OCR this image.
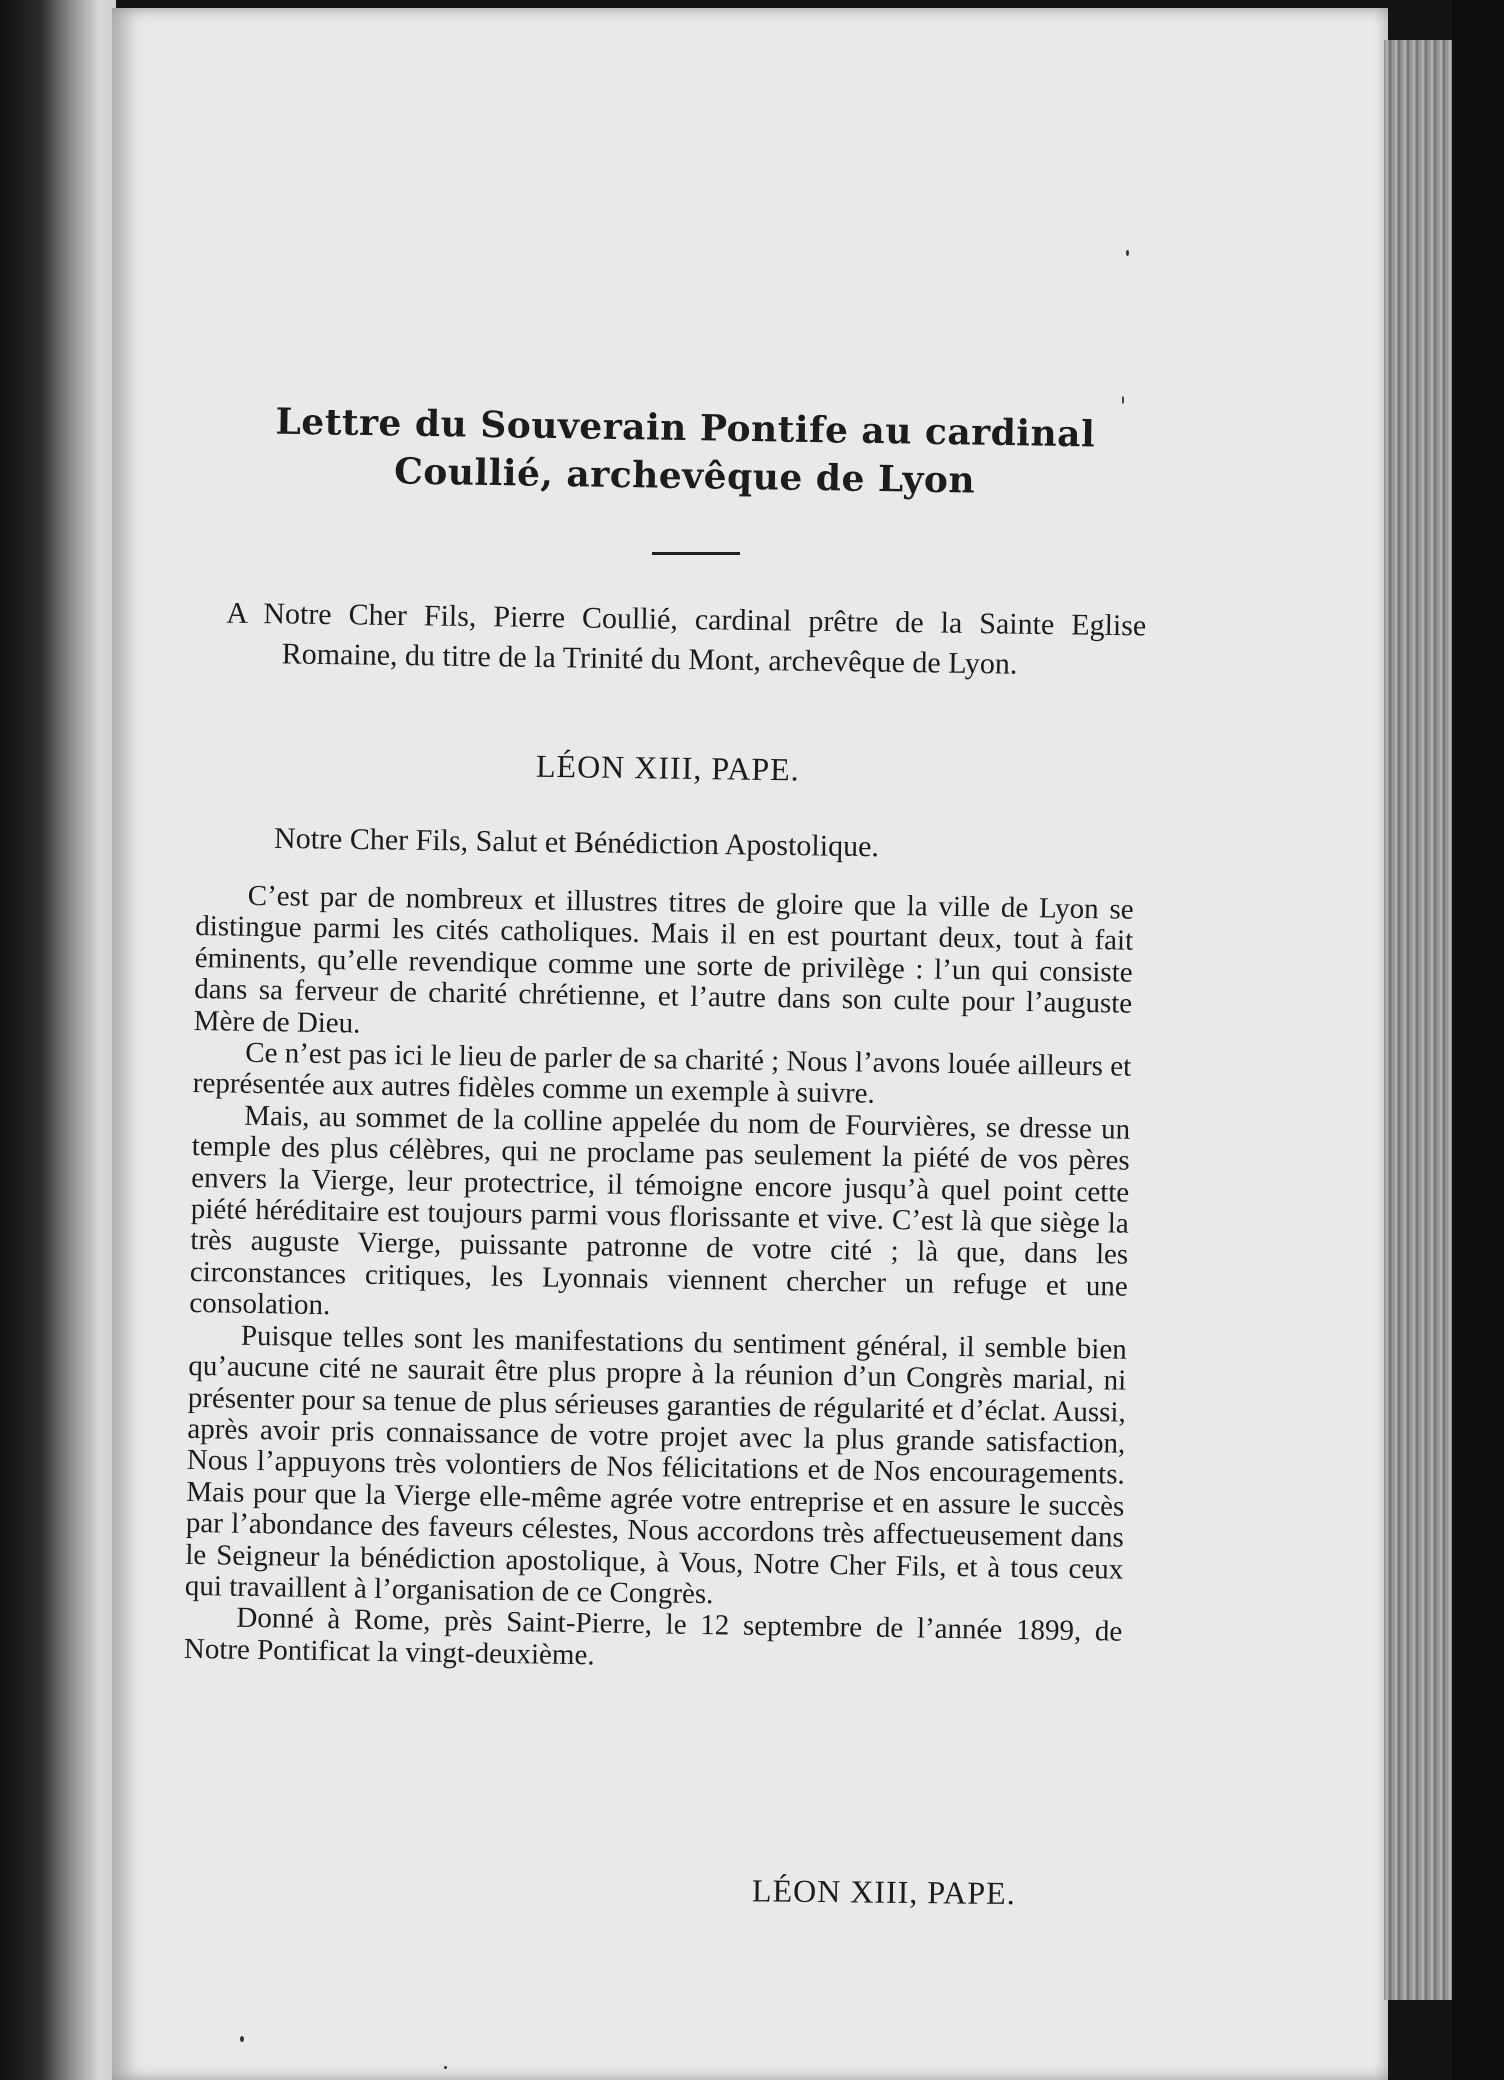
Lettre du Souverain Pontife au cardinal Coullié, archevêque de Lyon

A Notre Cher Fils, Pierre Coullié, cardinal prêtre de la Sainte Eglise Romaine, du titre de la Trinité du Mont, archevêque de Lyon.

LÉON XIII, PAPE.
Notre Cher Fils, Salut et Bénédiction Apostolique.

C’est par de nombreux et illustres titres de gloire que la ville de Lyon se distingue parmi les cités catholiques. Mais il en est pourtant deux, tout à fait éminents, qu’elle revendique comme une sorte de privilège : l’un qui consiste dans sa ferveur de charité chrétienne, et l’autre dans son culte pour l’auguste Mère de Dieu.

Ce n’est pas ici le lieu de parler de sa charité ; Nous l’avons louée ailleurs et représentée aux autres fidèles comme un exemple à suivre.

Mais, au sommet de la colline appelée du nom de Fourvières, se dresse un temple des plus célèbres, qui ne proclame pas seulement la piété de vos pères envers la Vierge, leur protectrice, il témoigne encore jusqu’à quel point cette piété héréditaire est toujours parmi vous florissante et vive. C’est là que siège la très auguste Vierge, puissante patronne de votre cité ; là que, dans les circonstances critiques, les Lyonnais viennent chercher un refuge et une consolation.

Puisque telles sont les manifestations du sentiment général, il semble bien qu’aucune cité ne saurait être plus propre à la réunion d’un Congrès marial, ni présenter pour sa tenue de plus sérieuses garanties de régularité et d’éclat. Aussi, après avoir pris connaissance de votre projet avec la plus grande satisfaction, Nous l’appuyons très volontiers de Nos félicitations et de Nos encouragements. Mais pour que la Vierge elle-même agrée votre entreprise et en assure le succès par l’abondance des faveurs célestes, Nous accordons très affectueusement dans le Seigneur la bénédiction apostolique, à Vous, Notre Cher Fils, et à tous ceux qui travaillent à l’organisation de ce Congrès.

Donné à Rome, près Saint-Pierre, le 12 septembre de l’année 1899, de Notre Pontificat la vingt-deuxième.

LÉON XIII, PAPE.
